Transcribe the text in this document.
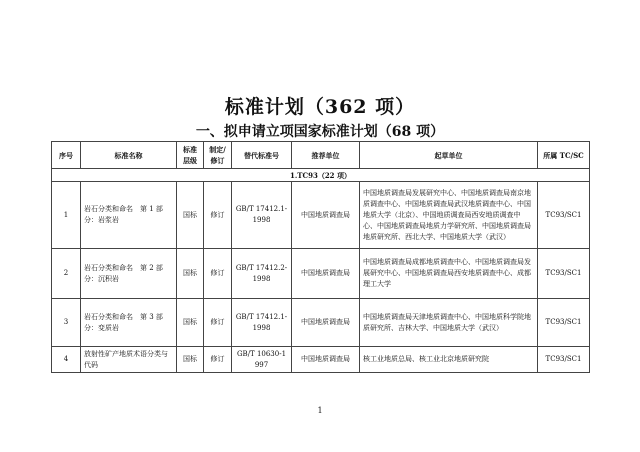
标准计划（362 项）
一、拟申请立项国家标准计划（68 项）
序号	标准名称	标准层级	制定/修订	替代标准号	推荐单位	起草单位	所属 TC/SC
1.TC93（22 项）							
1	岩石分类和命名　第 1 部分：岩浆岩	国标	修订	GB/T 17412.1-1998	中国地质调查局	中国地质调查局发展研究中心、中国地质调查局南京地质调查中心、中国地质调查局武汉地质调查中心、中国地质大学（北京）、中国地质调查局西安地质调查中心、中国地质调查局地质力学研究所、中国地质调查局地质研究所、西北大学、中国地质大学（武汉）	TC93/SC1
2	岩石分类和命名　第 2 部分：沉积岩	国标	修订	GB/T 17412.2-1998	中国地质调查局	中国地质调查局成都地质调查中心、中国地质调查局发展研究中心、中国地质调查局西安地质调查中心、成都理工大学	TC93/SC1
3	岩石分类和命名　第 3 部分：变质岩	国标	修订	GB/T 17412.1-1998	中国地质调查局	中国地质调查局天津地质调查中心、中国地质科学院地质研究所、吉林大学、中国地质大学（武汉）	TC93/SC1
4	放射性矿产地质术语分类与代码	国标	修订	GB/T 10630-1997	中国地质调查局	核工业地质总局、核工业北京地质研究院	TC93/SC1
1
